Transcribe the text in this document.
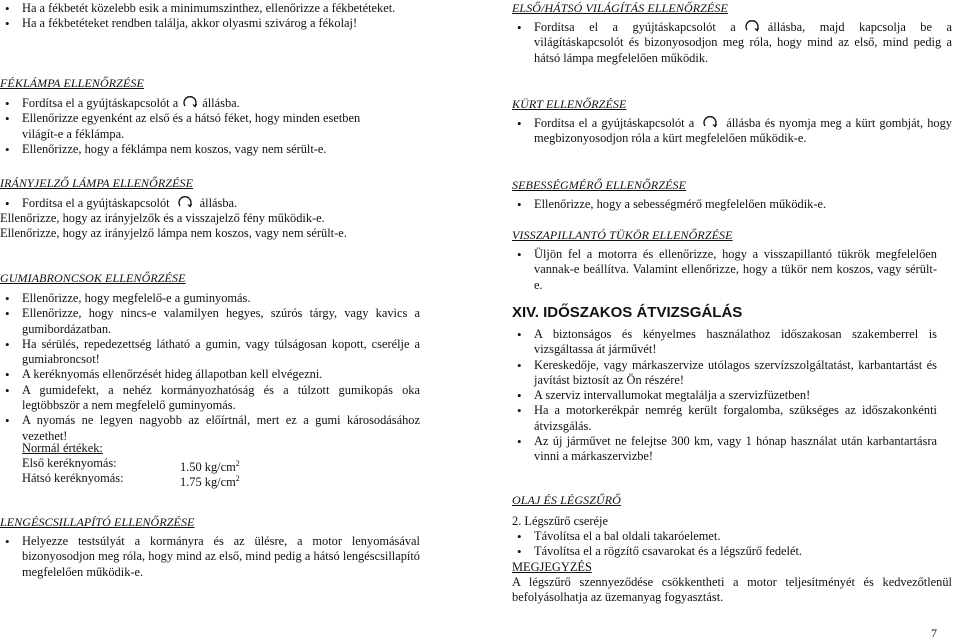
• Ha a fékbetét közelebb esik a minimumszinthez, ellenőrizze a fékbetéteket.
• Ha a fékbetéteket rendben találja, akkor olyasmi szivárog a fékolaj!
FÉKLÁMPA ELLENŐRZÉSE
• Fordítsa el a gyújtáskapcsolót a állásba.
• Ellenőrizze egyenként az első és a hátsó féket, hogy minden esetben világít-e a féklámpa.
• Ellenőrizze, hogy a féklámpa nem koszos, vagy nem sérült-e.
IRÁNYJELZŐ LÁMPA ELLENŐRZÉSE
• Fordítsa el a gyújtáskapcsolót állásba.
Ellenőrizze, hogy az irányjelzők és a visszajelző fény működik-e.
Ellenőrizze, hogy az irányjelző lámpa nem koszos, vagy nem sérült-e.
GUMIABRONCSOK ELLENŐRZÉSE
• Ellenőrizze, hogy megfelelő-e a guminyomás.
• Ellenőrizze, hogy nincs-e valamilyen hegyes, szúrós tárgy, vagy kavics a gumibordázatban.
• Ha sérülés, repedezettség látható a gumin, vagy túlságosan kopott, cserélje a gumiabroncsot!
• A keréknyomás ellenőrzését hideg állapotban kell elvégezni.
• A gumidefekt, a nehéz kormányozhatóság és a túlzott gumikopás oka legtöbbször a nem megfelelő guminyomás.
• A nyomás ne legyen nagyobb az előírtnál, mert ez a gumi károsodásához vezethet!
Normál értékek:
Első keréknyomás:	1.50 $kg/cm^2$
Hátsó keréknyomás:	1.75 $kg/cm^2$
LENGÉSCSILLAPÍTÓ ELLENŐRZÉSE
• Helyezze testsúlyát a kormányra és az ülésre, a motor lenyomásával bizonyosodjon meg róla, hogy mind az első, mind pedig a hátsó lengéscsillapító megfelelően működik-e.
ELSŐ/HÁTSÓ VILÁGÍTÁS ELLENŐRZÉSE
• Fordítsa el a gyújtáskapcsolót a	állásba, majd kapcsolja be a világításkapcsolót és bizonyosodjon meg róla, hogy mind az első, mind pedig a hátsó lámpa megfelelően működik.
KÜRT ELLENŐRZÉSE
• Fordítsa el a gyújtáskapcsolót a	állásba és nyomja meg a kürt gombját, hogy megbizonyosodjon róla a kürt megfelelően működik-e.
SEBESSÉGMÉRŐ ELLENŐRZÉSE
• Ellenőrizze, hogy a sebességmérő megfelelően működik-e.
VISSZAPILLANTÓ TÜKÖR ELLENŐRZÉSE
• Üljön fel a motorra és ellenőrizze, hogy a visszapillantó tükrök megfelelően vannak-e beállítva. Valamint ellenőrizze, hogy a tükör nem koszos, vagy sérült-e.
XIV. IDŐSZAKOS ÁTVIZSGÁLÁS
• A biztonságos és kényelmes használathoz időszakosan szakemberrel is vizsgáltassa át járművét!
• Kereskedője, vagy márkaszervize utólagos szervízszolgáltatást, karbantartást és javítást biztosít az Ön részére!
• A szerviz intervallumokat megtalálja a szervizfüzetben!
• Ha a motorkerékpár nemrég került forgalomba, szükséges az időszakonkénti átvizsgálás.
• Az új járművet ne felejtse 300 km, vagy 1 hónap használat után karbantartásra vinni a márkaszervizbe!
OLAJ ÉS LÉGSZŰRŐ
2. Légszűrő cseréje
• Távolítsa el a bal oldali takaróelemet.
• Távolítsa el a rögzítő csavarokat és a légszűrő fedelét.
MEGJEGYZÉS
A légszűrő szennyeződése csökkentheti a motor teljesítményét és kedvezőtlenül befolyásolhatja az üzemanyag fogyasztást.
7
